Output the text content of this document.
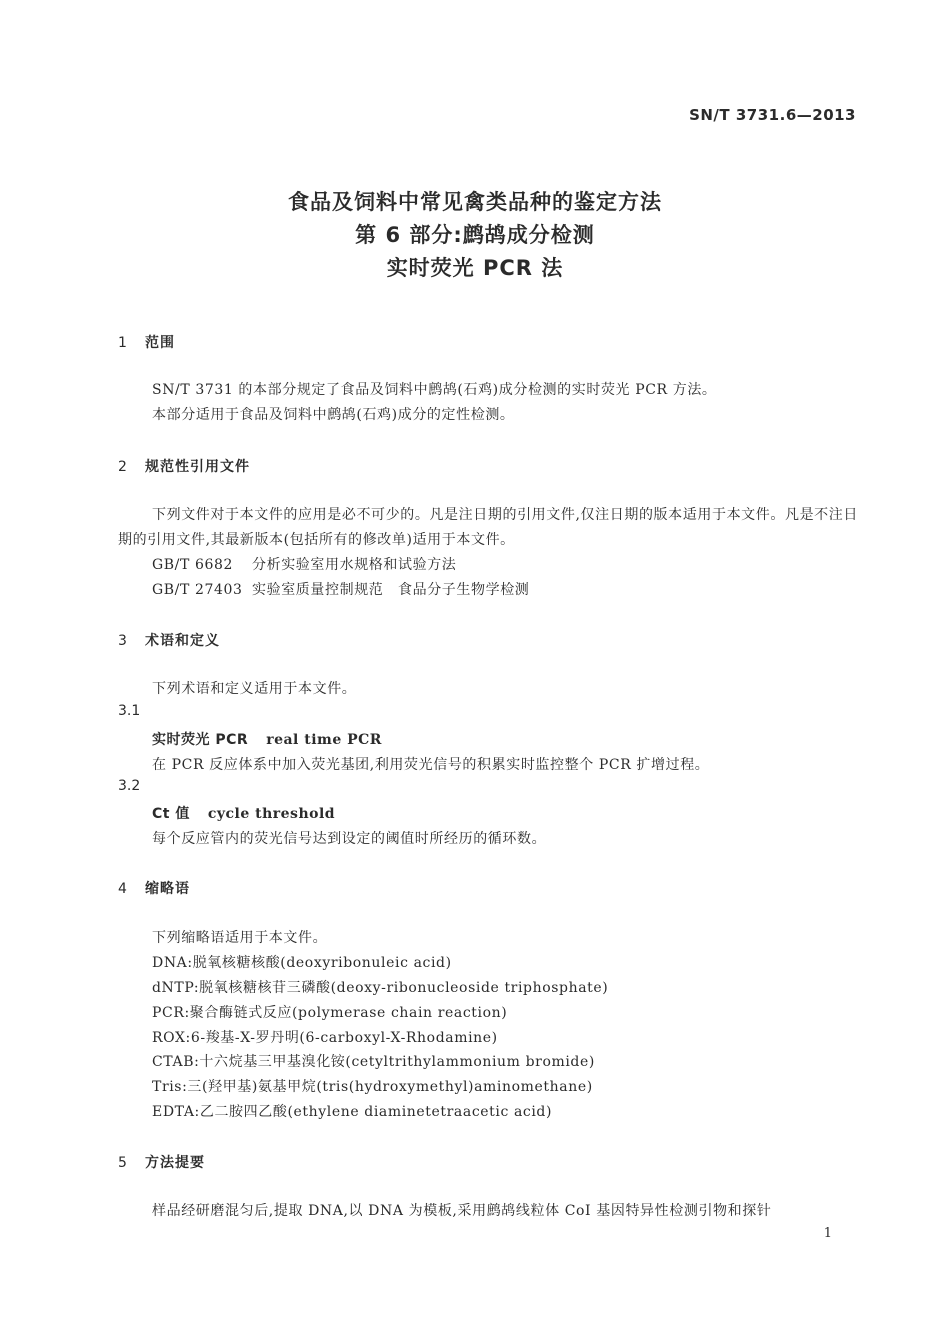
SN/T 3731.6—2013
食品及饲料中常见禽类品种的鉴定方法
第 6 部分:鹧鸪成分检测
实时荧光 PCR 法
1 范围
SN/T 3731 的本部分规定了食品及饲料中鹧鸪(石鸡)成分检测的实时荧光 PCR 方法。
本部分适用于食品及饲料中鹧鸪(石鸡)成分的定性检测。
2 规范性引用文件
下列文件对于本文件的应用是必不可少的。凡是注日期的引用文件,仅注日期的版本适用于本文件。凡是不注日期的引用文件,其最新版本(包括所有的修改单)适用于本文件。
GB/T 6682 分析实验室用水规格和试验方法
GB/T 27403 实验室质量控制规范　食品分子生物学检测
3 术语和定义
下列术语和定义适用于本文件。
3.1
实时荧光 PCR real time PCR
在 PCR 反应体系中加入荧光基团,利用荧光信号的积累实时监控整个 PCR 扩增过程。
3.2
Ct 值 cycle threshold
每个反应管内的荧光信号达到设定的阈值时所经历的循环数。
4 缩略语
下列缩略语适用于本文件。
DNA:脱氧核糖核酸(deoxyribonuleic acid)
dNTP:脱氧核糖核苷三磷酸(deoxy-ribonucleoside triphosphate)
PCR:聚合酶链式反应(polymerase chain reaction)
ROX:6-羧基-X-罗丹明(6-carboxyl-X-Rhodamine)
CTAB:十六烷基三甲基溴化铵(cetyltrithylammonium bromide)
Tris:三(羟甲基)氨基甲烷(tris(hydroxymethyl)aminomethane)
EDTA:乙二胺四乙酸(ethylene diaminetetraacetic acid)
5 方法提要
样品经研磨混匀后,提取 DNA,以 DNA 为模板,采用鹧鸪线粒体 CoI 基因特异性检测引物和探针
1
